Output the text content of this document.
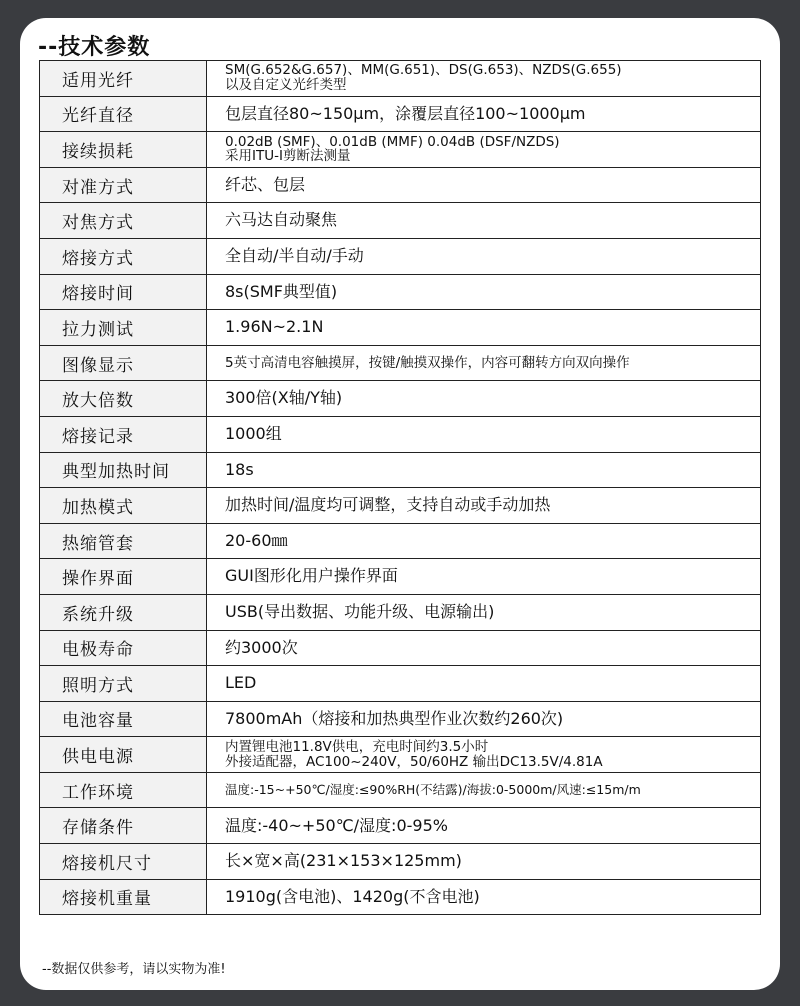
--技术参数
适用光纤	SM(G.652&G.657)、MM(G.651)、DS(G.653)、NZDS(G.655)
以及自定义光纤类型

光纤直径	包层直径80~150μm，涂覆层直径100~1000μm

接续损耗	0.02dB (SMF)、0.01dB (MMF) 0.04dB (DSF/NZDS)
采用ITU-I剪断法测量

对准方式	纤芯、包层

对焦方式	六马达自动聚焦

熔接方式	全自动/半自动/手动

熔接时间	8s(SMF典型值)

拉力测试	1.96N~2.1N

图像显示	5英寸高清电容触摸屏，按键/触摸双操作，内容可翻转方向双向操作

放大倍数	300倍(X轴/Y轴)

熔接记录	1000组

典型加热时间	18s

加热模式	加热时间/温度均可调整，支持自动或手动加热

热缩管套	20-60㎜

操作界面	GUI图形化用户操作界面

系统升级	USB(导出数据、功能升级、电源输出)

电极寿命	约3000次

照明方式	LED

电池容量	7800mAh（熔接和加热典型作业次数约260次)

供电电源	内置锂电池11.8V供电，充电时间约3.5小时
外接适配器，AC100~240V，50/60HZ 输出DC13.5V/4.81A

工作环境	温度:-15~+50℃/湿度:≤90%RH(不结露)/海拔:0-5000m/风速:≤15m/m

存储条件	温度:-40~+50℃/湿度:0-95%

熔接机尺寸	长×宽×高(231×153×125mm)

熔接机重量	1910g(含电池)、1420g(不含电池)
--数据仅供参考，请以实物为准!
